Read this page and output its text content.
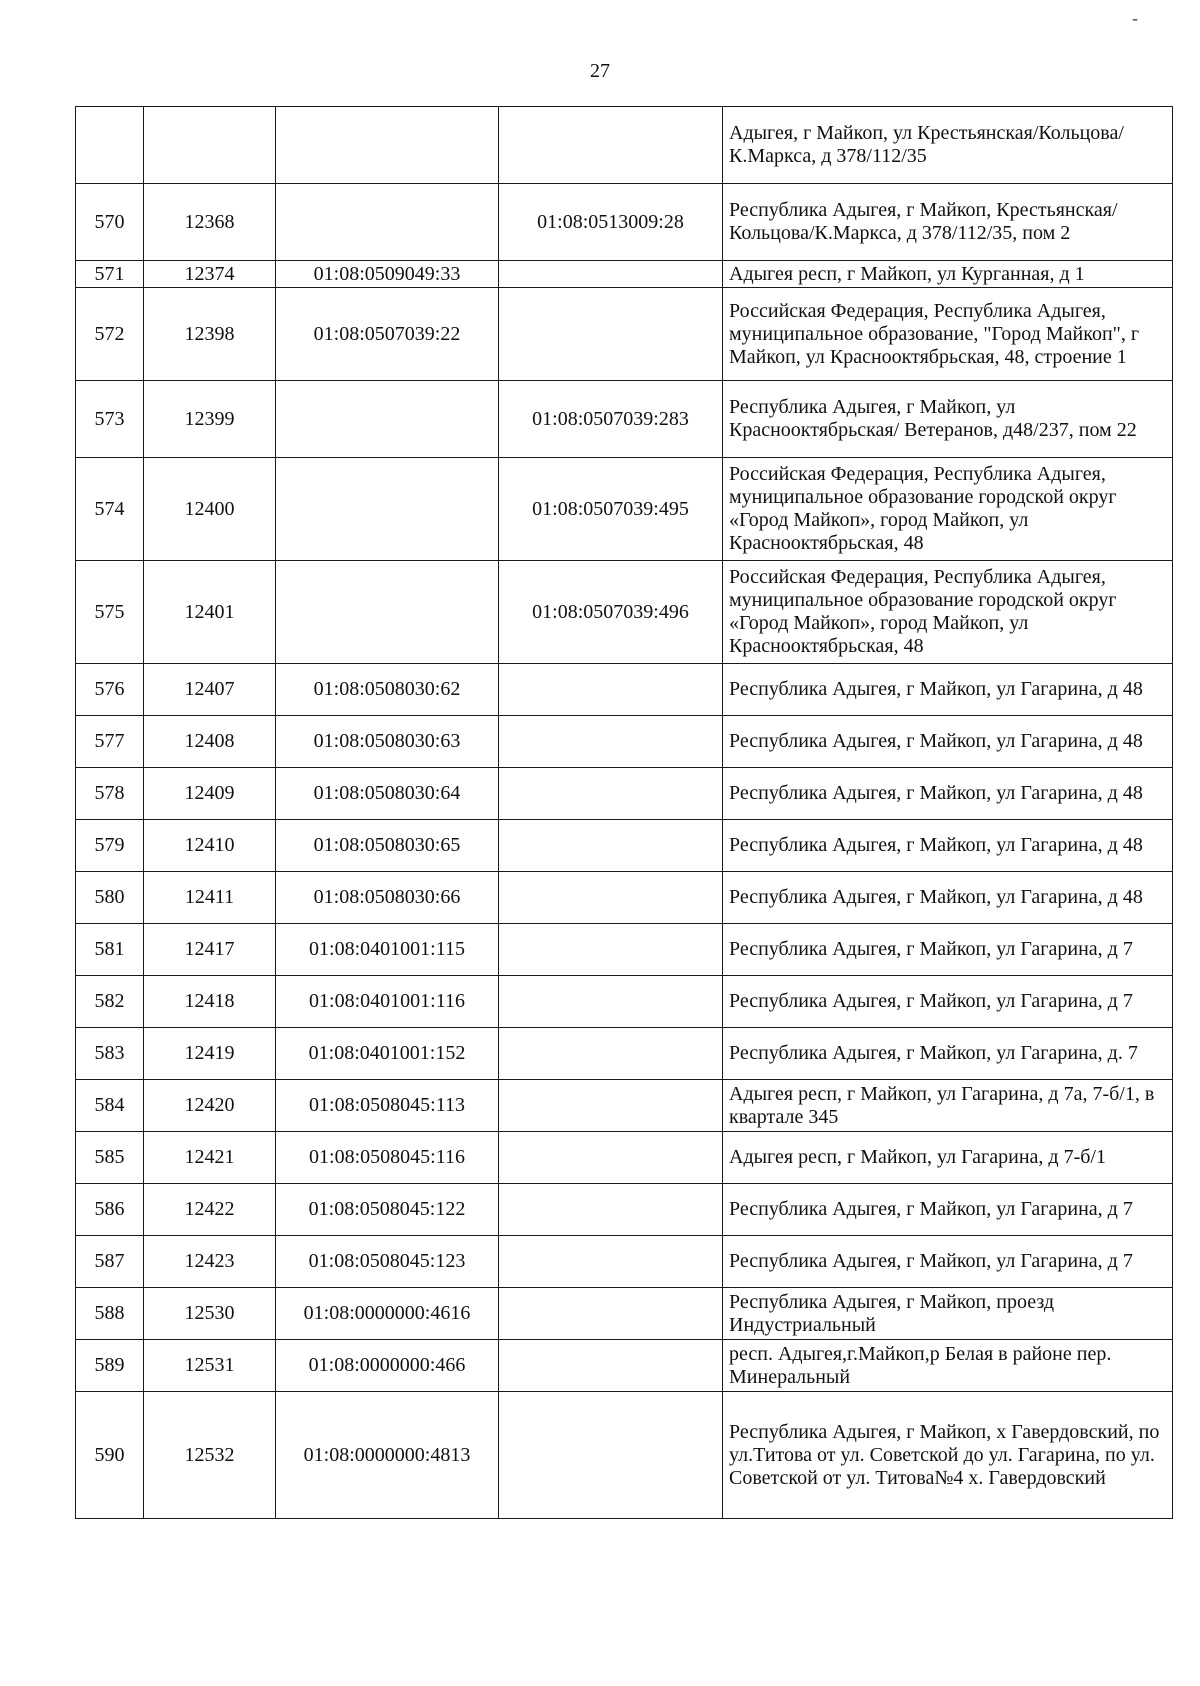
27
-
				Адыгея, г Майкоп, ул Крестьянская/Кольцова/К.Маркса, д 378/112/35
570	12368		01:08:0513009:28	Республика Адыгея, г Майкоп, Крестьянская/Кольцова/К.Маркса, д 378/112/35, пом 2
571	12374	01:08:0509049:33		Адыгея респ, г Майкоп, ул Курганная, д 1
572	12398	01:08:0507039:22		Российская Федерация, Республика Адыгея, муниципальное образование, "Город Майкоп", г Майкоп, ул Краснооктябрьская, 48, строение 1
573	12399		01:08:0507039:283	Республика Адыгея, г Майкоп, ул Краснооктябрьская/ Ветеранов, д48/237, пом 22
574	12400		01:08:0507039:495	Российская Федерация, Республика Адыгея, муниципальное образование городской округ «Город Майкоп», город Майкоп, ул Краснооктябрьская, 48
575	12401		01:08:0507039:496	Российская Федерация, Республика Адыгея, муниципальное образование городской округ «Город Майкоп», город Майкоп, ул Краснооктябрьская, 48
576	12407	01:08:0508030:62		Республика Адыгея, г Майкоп, ул Гагарина, д 48
577	12408	01:08:0508030:63		Республика Адыгея, г Майкоп, ул Гагарина, д 48
578	12409	01:08:0508030:64		Республика Адыгея, г Майкоп, ул Гагарина, д 48
579	12410	01:08:0508030:65		Республика Адыгея, г Майкоп, ул Гагарина, д 48
580	12411	01:08:0508030:66		Республика Адыгея, г Майкоп, ул Гагарина, д 48
581	12417	01:08:0401001:115		Республика Адыгея, г Майкоп, ул Гагарина, д 7
582	12418	01:08:0401001:116		Республика Адыгея, г Майкоп, ул Гагарина, д 7
583	12419	01:08:0401001:152		Республика Адыгея, г Майкоп, ул Гагарина, д. 7
584	12420	01:08:0508045:113		Адыгея респ, г Майкоп, ул Гагарина, д 7а, 7-б/1, в квартале 345
585	12421	01:08:0508045:116		Адыгея респ, г Майкоп, ул Гагарина, д 7-б/1
586	12422	01:08:0508045:122		Республика Адыгея, г Майкоп, ул Гагарина, д 7
587	12423	01:08:0508045:123		Республика Адыгея, г Майкоп, ул Гагарина, д 7
588	12530	01:08:0000000:4616		Республика Адыгея, г Майкоп, проезд Индустриальный
589	12531	01:08:0000000:466		респ. Адыгея,г.Майкоп,р Белая в районе пер. Минеральный
590	12532	01:08:0000000:4813		Республика Адыгея, г Майкоп, х Гавердовский, по ул.Титова от ул. Советской до ул. Гагарина, по ул. Советской от ул. Титова№4 х. Гавердовский
